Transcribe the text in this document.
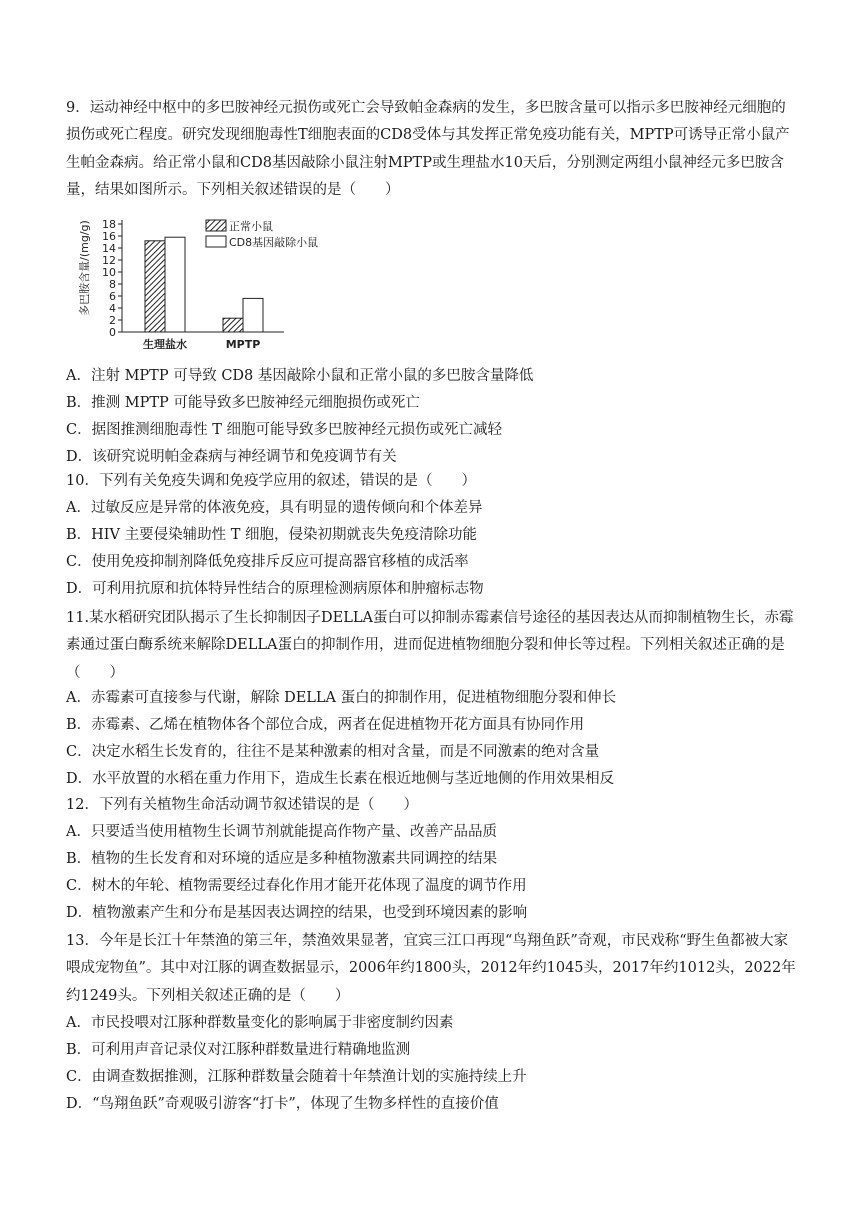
9．运动神经中枢中的多巴胺神经元损伤或死亡会导致帕金森病的发生，多巴胺含量可以指示多巴胺神经元细胞的损伤或死亡程度。研究发现细胞毒性T细胞表面的CD8受体与其发挥正常免疫功能有关，MPTP可诱导正常小鼠产生帕金森病。给正常小鼠和CD8基因敲除小鼠注射MPTP或生理盐水10天后，分别测定两组小鼠神经元多巴胺含量，结果如图所示。下列相关叙述错误的是（　　）
多巴胺含量/(mg/g)
0
2
4
6
8
10
12
14
16
18
生理盐水	MPTP
正常小鼠
CD8基因敲除小鼠
A．注射 MPTP 可导致 CD8 基因敲除小鼠和正常小鼠的多巴胺含量降低
B．推测 MPTP 可能导致多巴胺神经元细胞损伤或死亡
C．据图推测细胞毒性 T 细胞可能导致多巴胺神经元损伤或死亡减轻
D．该研究说明帕金森病与神经调节和免疫调节有关
10．下列有关免疫失调和免疫学应用的叙述，错误的是（　　）
A．过敏反应是异常的体液免疫，具有明显的遗传倾向和个体差异
B．HIV 主要侵染辅助性 T 细胞，侵染初期就丧失免疫清除功能
C．使用免疫抑制剂降低免疫排斥反应可提高器官移植的成活率
D．可利用抗原和抗体特异性结合的原理检测病原体和肿瘤标志物
11.某水稻研究团队揭示了生长抑制因子DELLA蛋白可以抑制赤霉素信号途径的基因表达从而抑制植物生长，赤霉素通过蛋白酶系统来解除DELLA蛋白的抑制作用，进而促进植物细胞分裂和伸长等过程。下列相关叙述正确的是（　　）
A．赤霉素可直接参与代谢，解除 DELLA 蛋白的抑制作用，促进植物细胞分裂和伸长
B．赤霉素、乙烯在植物体各个部位合成，两者在促进植物开花方面具有协同作用
C．决定水稻生长发育的，往往不是某种激素的相对含量，而是不同激素的绝对含量
D．水平放置的水稻在重力作用下，造成生长素在根近地侧与茎近地侧的作用效果相反
12．下列有关植物生命活动调节叙述错误的是（　　）
A．只要适当使用植物生长调节剂就能提高作物产量、改善产品品质
B．植物的生长发育和对环境的适应是多种植物激素共同调控的结果
C．树木的年轮、植物需要经过春化作用才能开花体现了温度的调节作用
D．植物激素产生和分布是基因表达调控的结果，也受到环境因素的影响
13．今年是长江十年禁渔的第三年，禁渔效果显著，宜宾三江口再现“鸟翔鱼跃”奇观，市民戏称“野生鱼都被大家喂成宠物鱼”。其中对江豚的调查数据显示，2006年约1800头，2012年约1045头，2017年约1012头，2022年约1249头。下列相关叙述正确的是（　　）
A．市民投喂对江豚种群数量变化的影响属于非密度制约因素
B．可利用声音记录仪对江豚种群数量进行精确地监测
C．由调查数据推测，江豚种群数量会随着十年禁渔计划的实施持续上升
D．“鸟翔鱼跃”奇观吸引游客“打卡”，体现了生物多样性的直接价值
